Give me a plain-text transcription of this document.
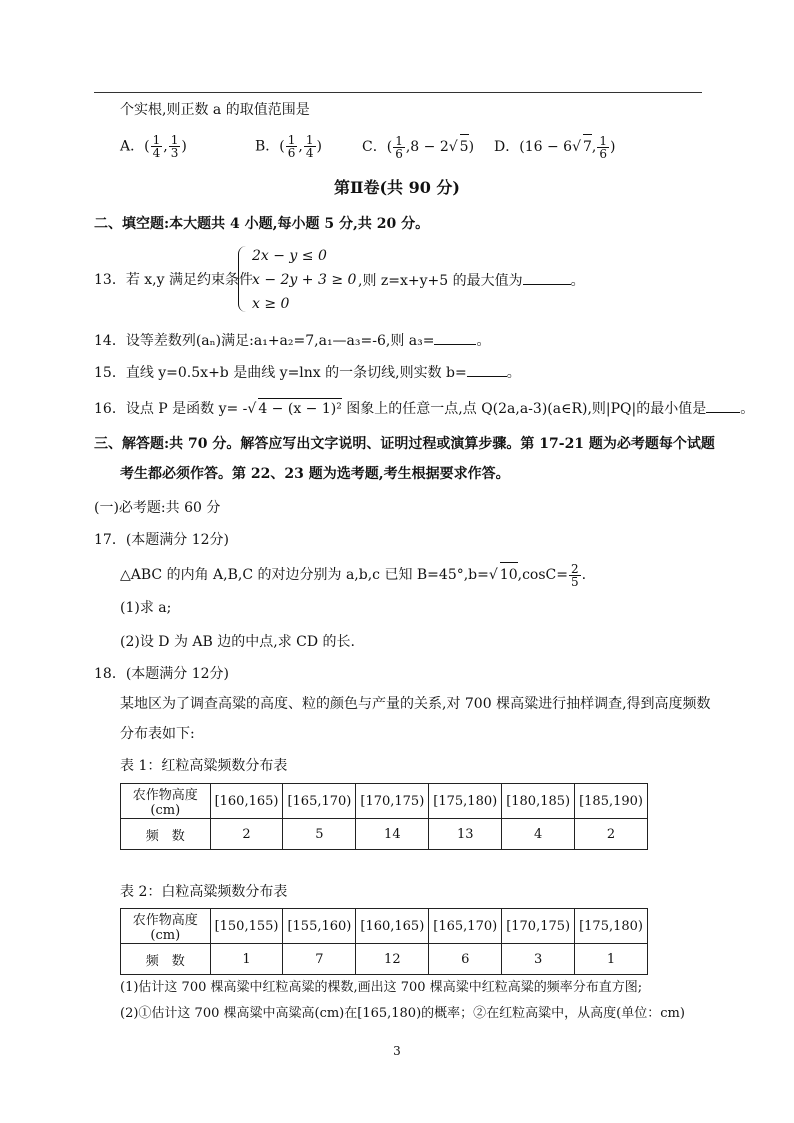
个实根,则正数 a 的取值范围是
A．( $\frac{1}{4}$ , $\frac{1}{3}$ )	B．( $\frac{1}{6}$ , $\frac{1}{4}$ )	C．( $\frac{1}{6} ,8 - 2√$ 5) D．(16 − 6√ 7, $\frac{1}{6}$ )
第Ⅱ卷(共 90 分)
二、填空题:本大题共 4 小题,每小题 5 分,共 20 分。
13．若 x,y 满足约束条件
2x − y ≤ 0
x − 2y + 3 ≥ 0
x ≥ 0
,则 z=x+y+5 的最大值为	。
14．设等差数列(aₙ)满足:a₁+a₂=7,a₁—a₃=-6,则 a₃=	。
15．直线 y=0.5x+b 是曲线 y=lnx 的一条切线,则实数 b=	。
16．设点 P 是函数 y= -√ 4 − (x − 1)² 图象上的任意一点,点 Q(2a,a-3)(a∈R),则|PQ|的最小值是 。
三、解答题:共 70 分。解答应写出文字说明、证明过程或演算步骤。第 17-21 题为必考题每个试题
考生都必须作答。第 22、23 题为选考题,考生根据要求作答。
(一)必考题:共 60 分
17．(本题满分 12分)
△ABC 的内角 A,B,C 的对边分别为 a,b,c 已知 B=45°,b=√ $10,\cos C= \frac{2}{5}$ .
(1)求 a;
(2)设 D 为 AB 边的中点,求 CD 的长.
18．(本题满分 12分)
某地区为了调查高粱的高度、粒的颜色与产量的关系,对 700 棵高粱进行抽样调查,得到高度频数
分布表如下:
表 1：红粒高粱频数分布表
农作物高度(cm)	[160,165)	[165,170)	[170,175)	[175,180)	[180,185)	[185,190)
频　数	2	5	14	13	4	2
表 2：白粒高粱频数分布表
农作物高度(cm)	[150,155)	[155,160)	[160,165)	[165,170)	[170,175)	[175,180)
频　数	1	7	12	6	3	1
(1)估计这 700 棵高粱中红粒高粱的棵数,画出这 700 棵高粱中红粒高粱的频率分布直方图;
(2)①估计这 700 棵高粱中高粱高(cm)在[165,180)的概率；②在红粒高粱中，从高度(单位：cm)
3
